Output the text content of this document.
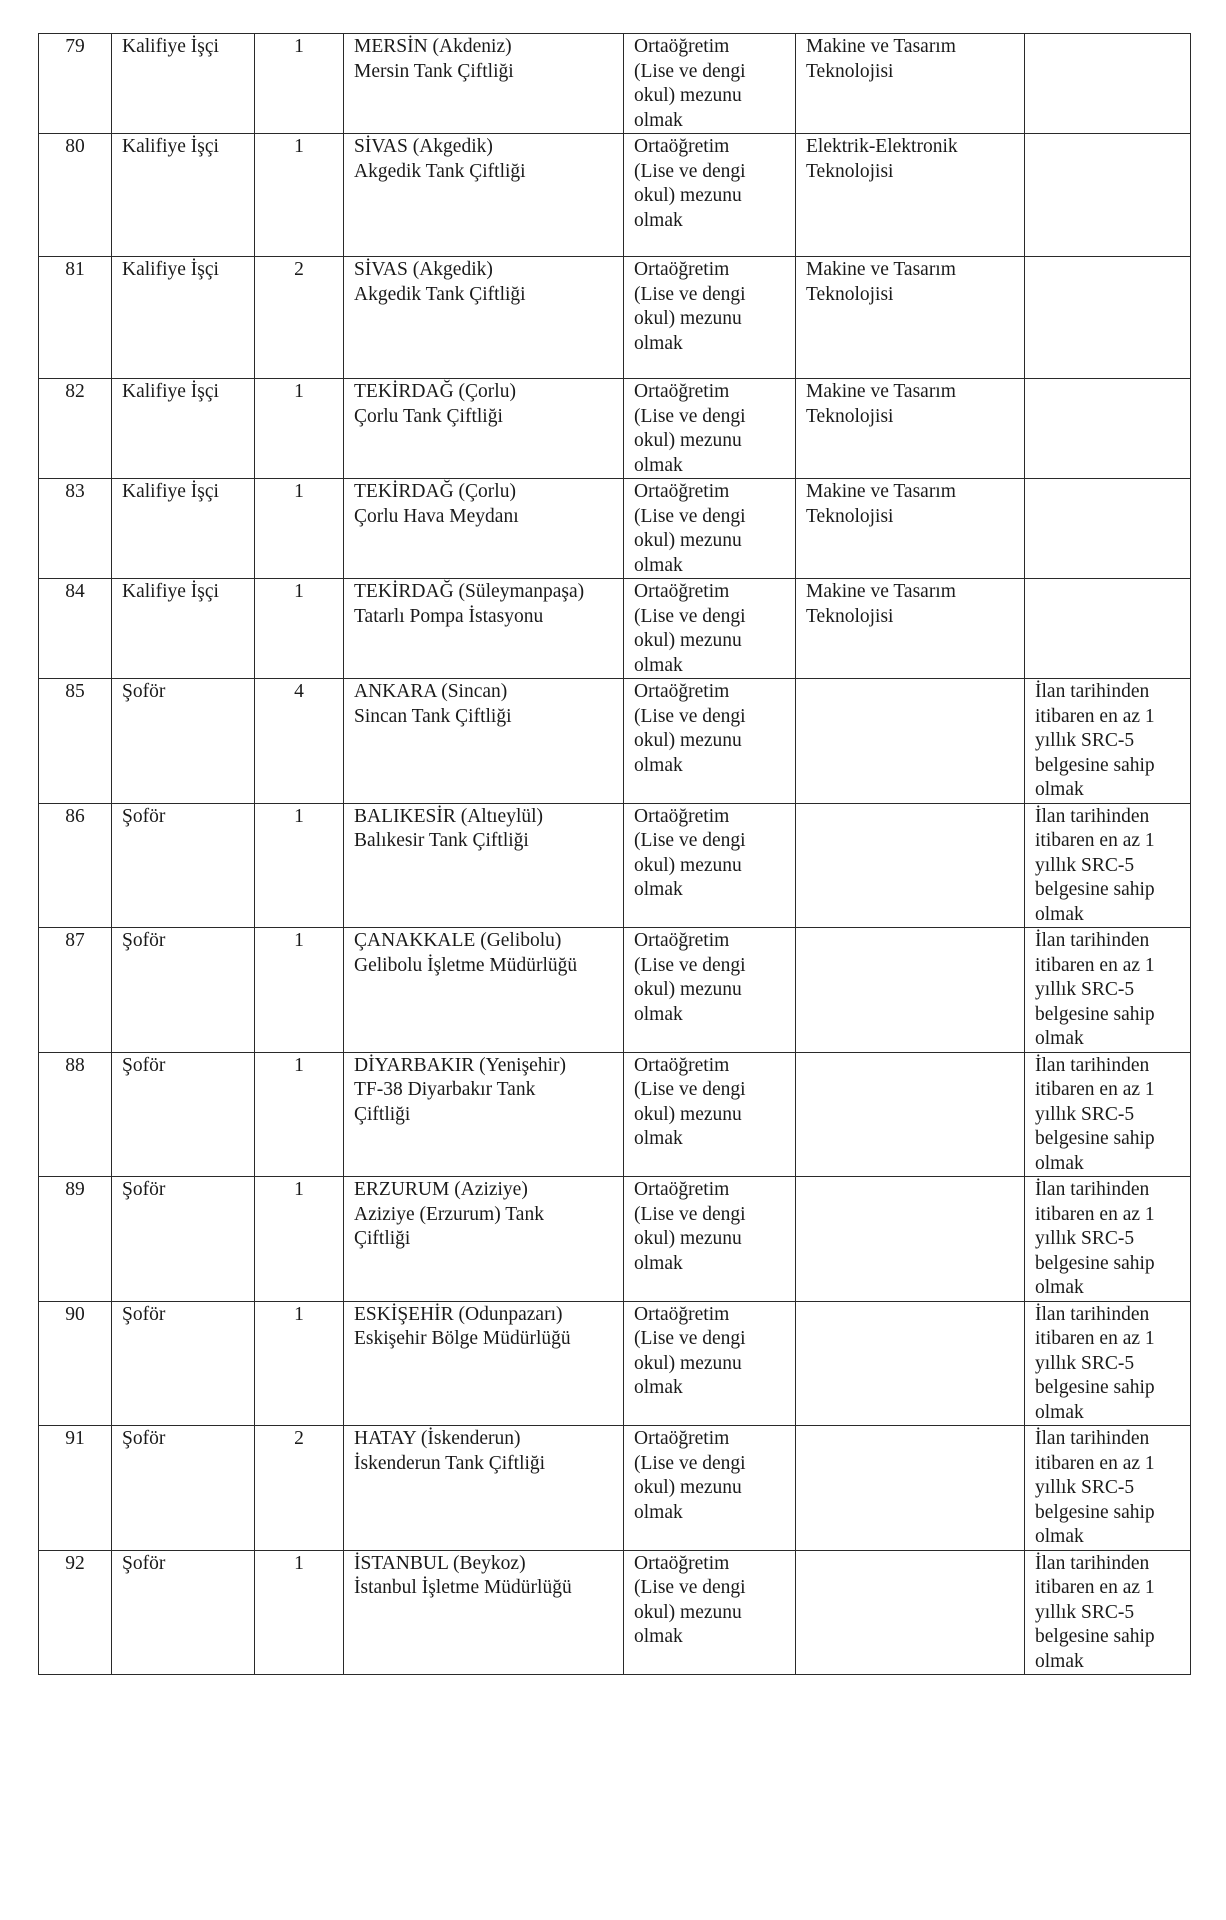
79	Kalifiye İşçi	1	MERSİN (Akdeniz)
Mersin Tank Çiftliği	Ortaöğretim
(Lise ve dengi
okul) mezunu
olmak	Makine ve Tasarım
Teknolojisi	

80	Kalifiye İşçi	1	SİVAS (Akgedik)
Akgedik Tank Çiftliği	Ortaöğretim
(Lise ve dengi
okul) mezunu
olmak	Elektrik-Elektronik
Teknolojisi	

81	Kalifiye İşçi	2	SİVAS (Akgedik)
Akgedik Tank Çiftliği	Ortaöğretim
(Lise ve dengi
okul) mezunu
olmak	Makine ve Tasarım
Teknolojisi	

82	Kalifiye İşçi	1	TEKİRDAĞ (Çorlu)
Çorlu Tank Çiftliği	Ortaöğretim
(Lise ve dengi
okul) mezunu
olmak	Makine ve Tasarım
Teknolojisi	

83	Kalifiye İşçi	1	TEKİRDAĞ (Çorlu)
Çorlu Hava Meydanı	Ortaöğretim
(Lise ve dengi
okul) mezunu
olmak	Makine ve Tasarım
Teknolojisi	

84	Kalifiye İşçi	1	TEKİRDAĞ (Süleymanpaşa)
Tatarlı Pompa İstasyonu	Ortaöğretim
(Lise ve dengi
okul) mezunu
olmak	Makine ve Tasarım
Teknolojisi	

85	Şoför	4	ANKARA (Sincan)
Sincan Tank Çiftliği	Ortaöğretim
(Lise ve dengi
okul) mezunu
olmak		İlan tarihinden
itibaren en az 1
yıllık SRC-5
belgesine sahip
olmak

86	Şoför	1	BALIKESİR (Altıeylül)
Balıkesir Tank Çiftliği	Ortaöğretim
(Lise ve dengi
okul) mezunu
olmak		İlan tarihinden
itibaren en az 1
yıllık SRC-5
belgesine sahip
olmak

87	Şoför	1	ÇANAKKALE (Gelibolu)
Gelibolu İşletme Müdürlüğü	Ortaöğretim
(Lise ve dengi
okul) mezunu
olmak		İlan tarihinden
itibaren en az 1
yıllık SRC-5
belgesine sahip
olmak

88	Şoför	1	DİYARBAKIR (Yenişehir)
TF-38 Diyarbakır Tank
Çiftliği	Ortaöğretim
(Lise ve dengi
okul) mezunu
olmak		İlan tarihinden
itibaren en az 1
yıllık SRC-5
belgesine sahip
olmak

89	Şoför	1	ERZURUM (Aziziye)
Aziziye (Erzurum) Tank
Çiftliği	Ortaöğretim
(Lise ve dengi
okul) mezunu
olmak		İlan tarihinden
itibaren en az 1
yıllık SRC-5
belgesine sahip
olmak

90	Şoför	1	ESKİŞEHİR (Odunpazarı)
Eskişehir Bölge Müdürlüğü	Ortaöğretim
(Lise ve dengi
okul) mezunu
olmak		İlan tarihinden
itibaren en az 1
yıllık SRC-5
belgesine sahip
olmak

91	Şoför	2	HATAY (İskenderun)
İskenderun Tank Çiftliği	Ortaöğretim
(Lise ve dengi
okul) mezunu
olmak		İlan tarihinden
itibaren en az 1
yıllık SRC-5
belgesine sahip
olmak

92	Şoför	1	İSTANBUL (Beykoz)
İstanbul İşletme Müdürlüğü	Ortaöğretim
(Lise ve dengi
okul) mezunu
olmak		İlan tarihinden
itibaren en az 1
yıllık SRC-5
belgesine sahip
olmak
